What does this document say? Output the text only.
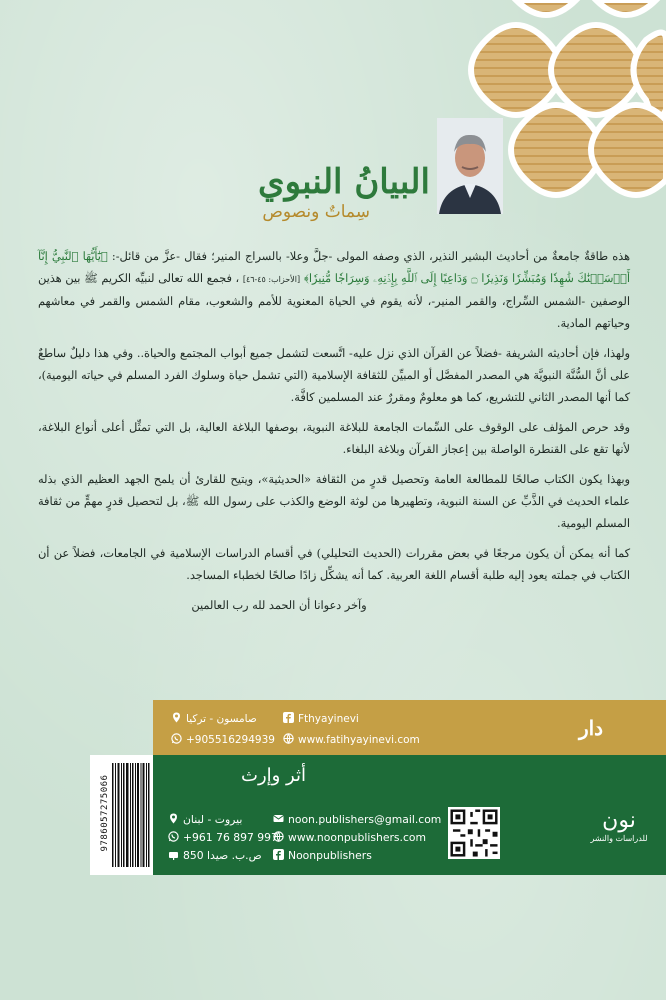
البيانُ النبوي
سِماتٌ ونصوص

هذه طاقةٌ جامعةٌ من أحاديث البشير النذير، الذي وصفه المولى -جلَّ وعلا- بالسراج المنير؛ فقال -عزَّ من قائل-: ﴿يَٰٓأَيُّهَا ٱلنَّبِيُّ إِنَّآ أَرۡسَلۡنَٰكَ شَٰهِدٗا وَمُبَشِّرٗا وَنَذِيرٗا ۝ وَدَاعِيًا إِلَى ٱللَّهِ بِإِذۡنِهِۦ وَسِرَاجٗا مُّنِيرٗا﴾ [الأحزاب: ٤٥-٤٦] ، فجمع الله تعالى لنبيِّه الكريم ﷺ بين هذين الوصفين -الشمس السِّراج، والقمر المنير-، لأنه يقوم في الحياة المعنوية للأمم والشعوب، مقام الشمس والقمر في معاشهم وحياتهم المادية.

ولهذا، فإن أحاديثه الشريفة -فضلاً عن القرآن الذي نزل عليه- اتَّسعت لتشمل جميع أبواب المجتمع والحياة.. وفي هذا دليلٌ ساطعٌ على أنَّ السُّنَّة النبويَّة هي المصدر المفصَّل أو المبيِّن للثقافة الإسلامية (التي تشمل حياة وسلوك الفرد المسلم في حياته اليومية)، كما أنها المصدر الثاني للتشريع، كما هو معلومٌ ومقررٌ عند المسلمين كافَّة.

وقد حرص المؤلف على الوقوف على السِّمات الجامعة للبلاغة النبوية، بوصفها البلاغة العالية، بل التي تمثِّل أعلى أنواع البلاغة، لأنها تقع على القنطرة الواصلة بين إعجاز القرآن وبلاغة البلغاء.

وبهذا يكون الكتاب صالحًا للمطالعة العامة وتحصيل قدرٍ من الثقافة «الحديثية»، ويتيح للقارئ أن يلمح الجهد العظيم الذي بذله علماء الحديث في الذَّبِّ عن السنة النبوية، وتطهيرها من لوثة الوضع والكذب على رسول الله ﷺ، بل لتحصيل قدرٍ مهمٍّ من ثقافة المسلم اليومية.

كما أنه يمكن أن يكون مرجعًا في بعض مقررات (الحديث التحليلي) في أقسام الدراسات الإسلامية في الجامعات، فضلاً عن أن الكتاب في جملته يعود إليه طلبة أقسام اللغة العربية. كما أنه يشكِّل زادًا صالحًا لخطباء المساجد.

وآخر دعوانا أن الحمد لله رب العالمين

دار
Fthyayinevi
صامسون - تركيا
www.fatihyayinevi.com
+905516294939
9786057275066	أثر وإرث
بيروت - لبنان
+961 76 897 997
ص.ب. صيدا 850
noon.publishers@gmail.com
www.noonpublishers.com
Noonpublishers
نون
للدراسات والنشر
